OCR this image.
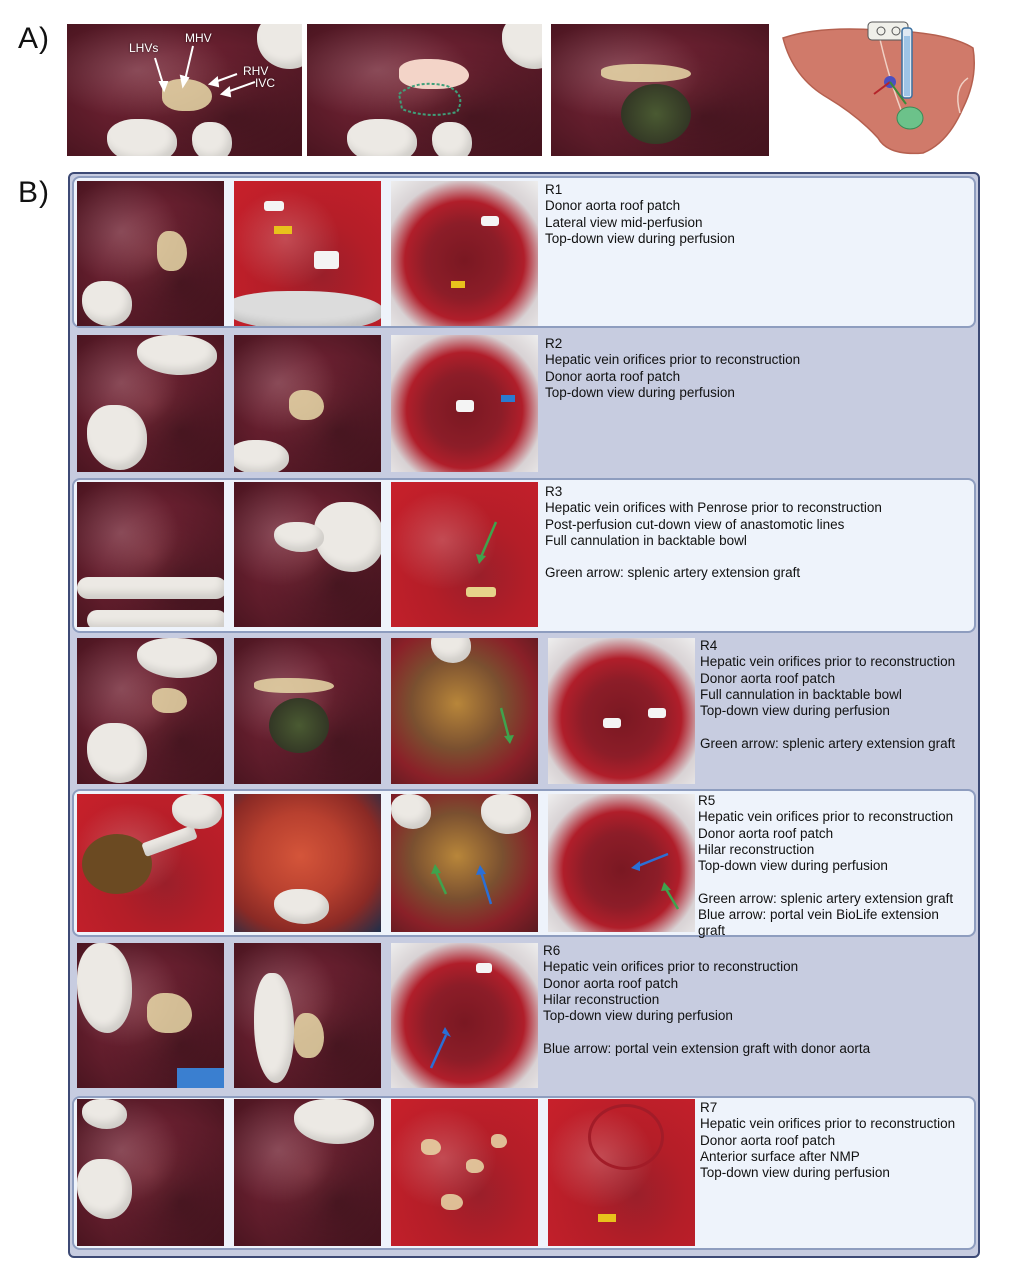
A)
B)
LHVs
MHV
RHV
IVC
R1
Donor aorta roof patch
Lateral view mid-perfusion
Top-down view during perfusion
R2
Hepatic vein orifices prior to reconstruction
Donor aorta roof patch
Top-down view during perfusion
R3
Hepatic vein orifices with Penrose prior to reconstruction
Post-perfusion cut-down view of anastomotic lines
Full cannulation in backtable bowl
Green arrow: splenic artery extension graft
R4
Hepatic vein orifices prior to reconstruction
Donor aorta roof patch
Full cannulation in backtable bowl
Top-down view during perfusion
Green arrow: splenic artery extension graft
R5
Hepatic vein orifices prior to reconstruction
Donor aorta roof patch
Hilar reconstruction
Top-down view during perfusion
Green arrow: splenic artery extension graft
Blue arrow: portal vein BioLife extension
graft
R6
Hepatic vein orifices prior to reconstruction
Donor aorta roof patch
Hilar reconstruction
Top-down view during perfusion
Blue arrow: portal vein extension graft with donor aorta
R7
Hepatic vein orifices prior to reconstruction
Donor aorta roof patch
Anterior surface after NMP
Top-down view during perfusion
